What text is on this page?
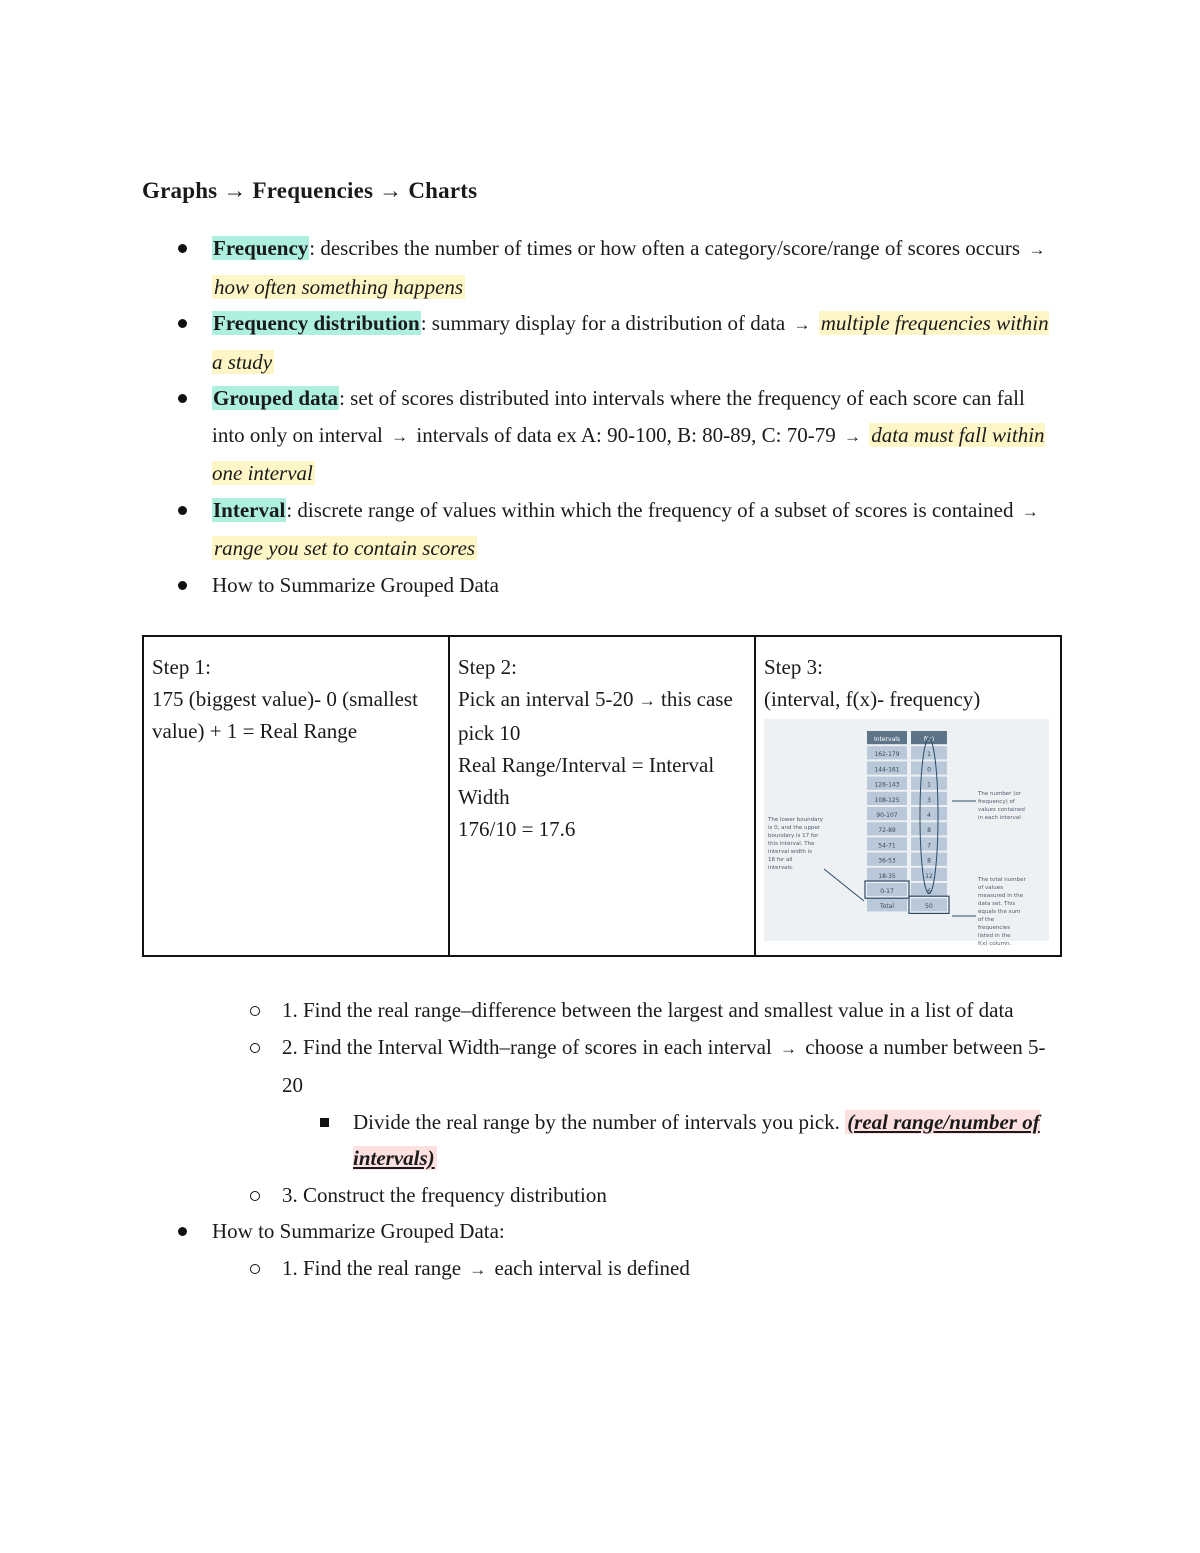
Graphs → Frequencies → Charts
Frequency: describes the number of times or how often a category/score/range of scores occurs → how often something happens
Frequency distribution: summary display for a distribution of data → multiple frequencies within a study
Grouped data: set of scores distributed into intervals where the frequency of each score can fall into only on interval → intervals of data ex A: 90-100, B: 80-89, C: 70-79 → data must fall within one interval
Interval: discrete range of values within which the frequency of a subset of scores is contained → range you set to contain scores
How to Summarize Grouped Data
Step 1:
175 (biggest value)- 0 (smallest value) + 1 = Real Range

Step 2:
Pick an interval 5-20 → this case pick 10
Real Range/Interval = Interval Width
176/10 = 17.6

Step 3:
(interval, f(x)- frequency)
Intervals	f(x)
162-179	1
144-161	0
126-143	1
108-125	3
90-107	4
72-89	8
54-71	7
36-53	8
18-35	12
0-17	6
Total	50
The lower boundary
is 0, and the upper
boundary is 17 for
this interval. The
interval width is
18 for all
intervals.
The number (or
frequency) of
values contained
in each interval
The total number
of values
measured in the
data set. This
equals the sum
of the
frequencies
listed in the
f(x) column.
1. Find the real range–difference between the largest and smallest value in a list of data
2. Find the Interval Width–range of scores in each interval → choose a number between 5-20
Divide the real range by the number of intervals you pick. (real range/number of intervals)
3. Construct the frequency distribution
How to Summarize Grouped Data:
1. Find the real range → each interval is defined
